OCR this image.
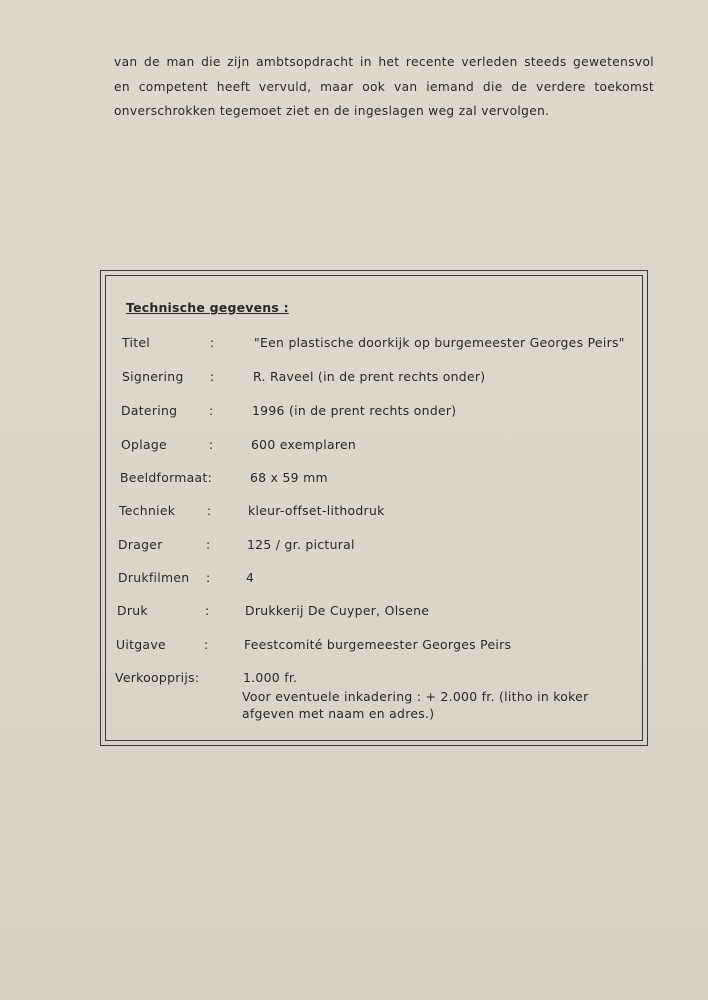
van de man die zijn ambtsopdracht in het recente verleden steeds gewetensvol

en competent heeft vervuld, maar ook van iemand die de verdere toekomst

onverschrokken tegemoet ziet en de ingeslagen weg zal vervolgen.

Technische gegevens :
Titel	:	"Een plastische doorkijk op burgemeester Georges Peirs"
Signering :	R. Raveel (in de prent rechts onder)
Datering	:	1996 (in de prent rechts onder)
Oplage	:	600 exemplaren
Beeldformaat:	68 x 59 mm
Techniek	:	kleur-offset-lithodruk
Drager	:	125 / gr. pictural
Drukfilmen :	4
Druk	:	Drukkerij De Cuyper, Olsene
Uitgave	:	Feestcomité burgemeester Georges Peirs
Verkoopprijs:	1.000 fr.
Voor eventuele inkadering : + 2.000 fr. (litho in koker
afgeven met naam en adres.)
